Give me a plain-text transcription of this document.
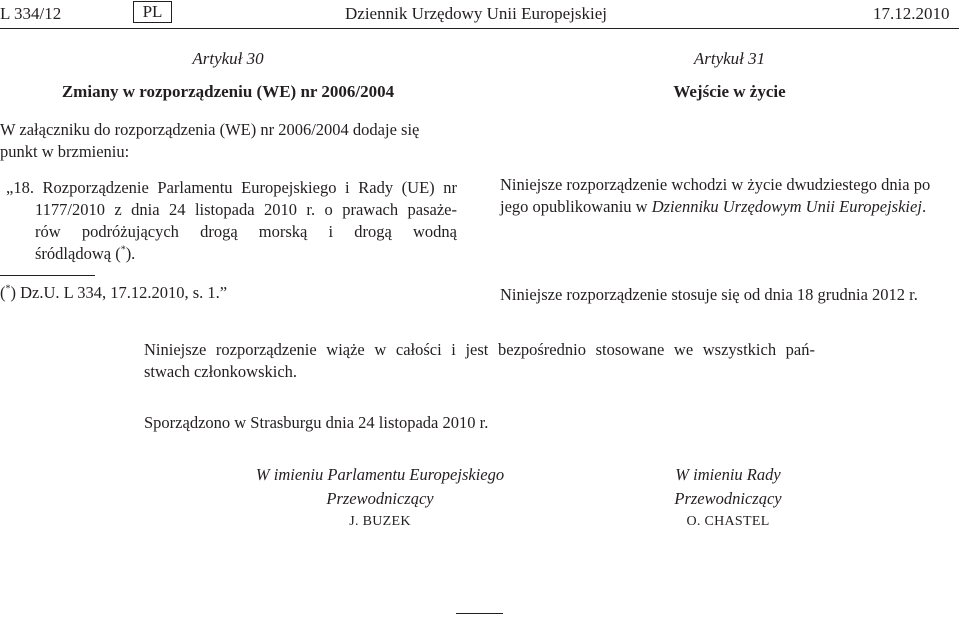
L 334/12	PL	Dziennik Urzędowy Unii Europejskiej	17.12.2010
Artykuł 30
Zmiany w rozporządzeniu (WE) nr 2006/2004
W załączniku do rozporządzenia (WE) nr 2006/2004 dodaje się punkt w brzmieniu:
„18. Rozporządzenie Parlamentu Europejskiego i Rady (UE) nr
1177/2010 z dnia 24 listopada 2010 r. o prawach pasaże-
rów podróżujących drogą morską i drogą wodną
śródlądową (*).
(*) Dz.U. L 334, 17.12.2010, s. 1.”
Artykuł 31
Wejście w życie
Niniejsze rozporządzenie wchodzi w życie dwudziestego dnia po
jego opublikowaniu w Dzienniku Urzędowym Unii Europejskiej.
Niniejsze rozporządzenie stosuje się od dnia 18 grudnia 2012 r.
Niniejsze rozporządzenie wiąże w całości i jest bezpośrednio stosowane we wszystkich pań-
stwach członkowskich.
Sporządzono w Strasburgu dnia 24 listopada 2010 r.
W imieniu Parlamentu Europejskiego
Przewodniczący
J. BUZEK
W imieniu Rady
Przewodniczący
O. CHASTEL
